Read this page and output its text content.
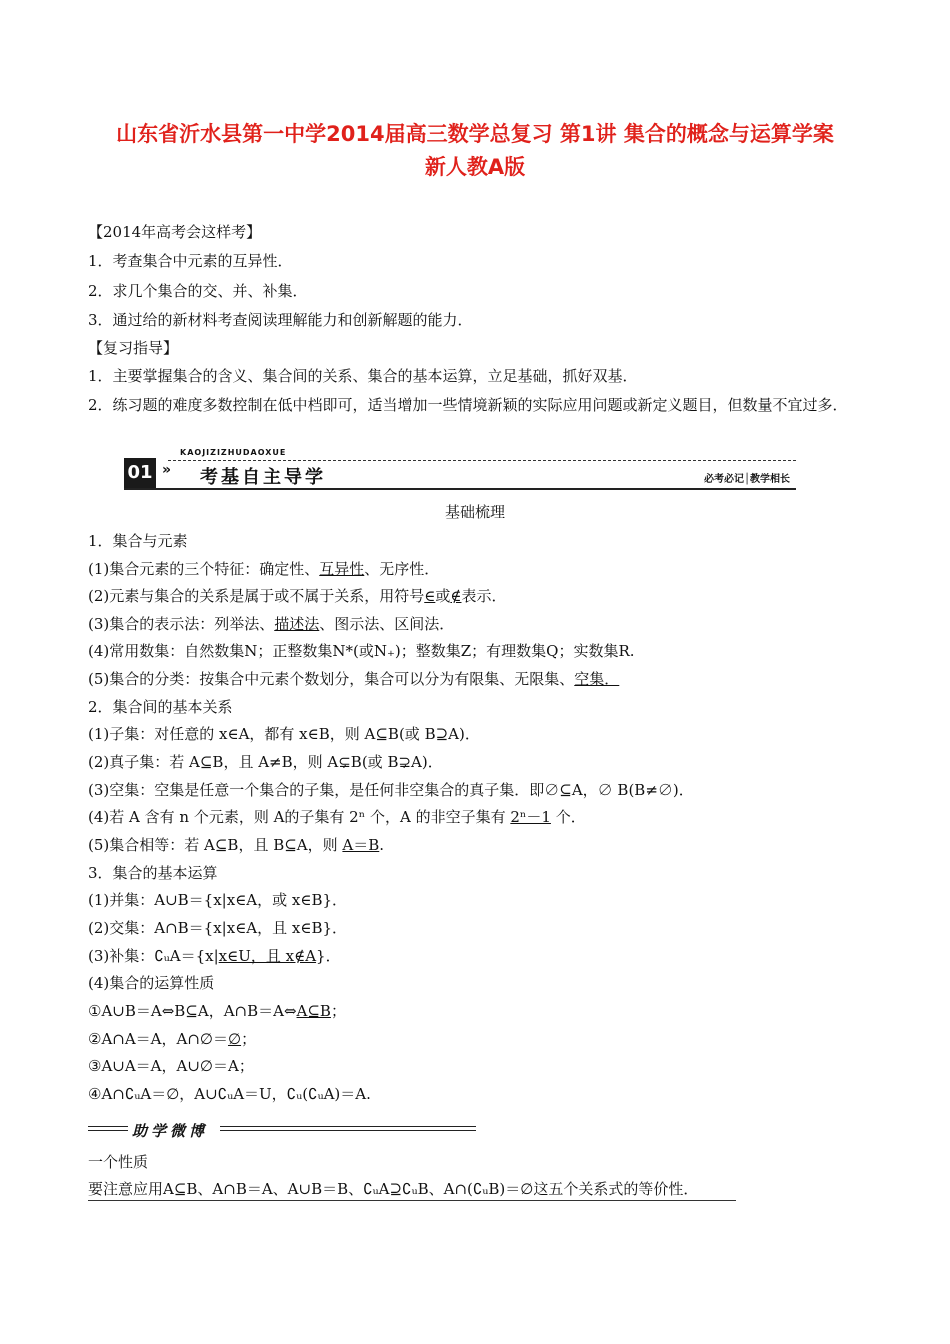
山东省沂水县第一中学2014届高三数学总复习 第1讲 集合的概念与运算学案
新人教A版
【2014年高考会这样考】
1．考查集合中元素的互异性．
2．求几个集合的交、并、补集．
3．通过给的新材料考查阅读理解能力和创新解题的能力．
【复习指导】
1．主要掌握集合的含义、集合间的关系、集合的基本运算，立足基础，抓好双基．
2．练习题的难度多数控制在低中档即可，适当增加一些情境新颖的实际应用问题或新定义题目，但数量不宜过多．
KAOJIZIZHUDAOXUE
01 » 考基自主导学	必考必记│教学相长
基础梳理
1．集合与元素
(1)集合元素的三个特征：确定性、互异性、无序性．
(2)元素与集合的关系是属于或不属于关系，用符号∈或∉表示．
(3)集合的表示法：列举法、描述法、图示法、区间法．
(4)常用数集：自然数集N；正整数集N*(或N₊)；整数集Z；有理数集Q；实数集R.
(5)集合的分类：按集合中元素个数划分，集合可以分为有限集、无限集、空集．
2．集合间的基本关系
(1)子集：对任意的 x∈A，都有 x∈B，则 A⊆B(或 B⊇A)．
(2)真子集：若 A⊆B，且 A≠B，则 A⊊B(或 B⊋A)．
(3)空集：空集是任意一个集合的子集，是任何非空集合的真子集．即∅⊆A，∅ B(B≠∅)．
(4)若 A 含有 n 个元素，则 A的子集有 2ⁿ 个，A 的非空子集有 2ⁿ－1 个．
(5)集合相等：若 A⊆B，且 B⊆A，则 A＝B.
3．集合的基本运算
(1)并集：A∪B＝{x|x∈A，或 x∈B}．
(2)交集：A∩B＝{x|x∈A，且 x∈B}．
(3)补集：∁ᵤA＝{x|x∈U，且 x∉A}．
(4)集合的运算性质
①A∪B＝A⇔B⊆A，A∩B＝A⇔A⊆B；
②A∩A＝A，A∩∅＝∅；
③A∪A＝A，A∪∅＝A；
④A∩∁ᵤA＝∅，A∪∁ᵤA＝U，∁ᵤ(∁ᵤA)＝A.
助学微博
一个性质
要注意应用A⊆B、A∩B＝A、A∪B＝B、∁ᵤA⊇∁ᵤB、A∩(∁ᵤB)＝∅这五个关系式的等价性．
